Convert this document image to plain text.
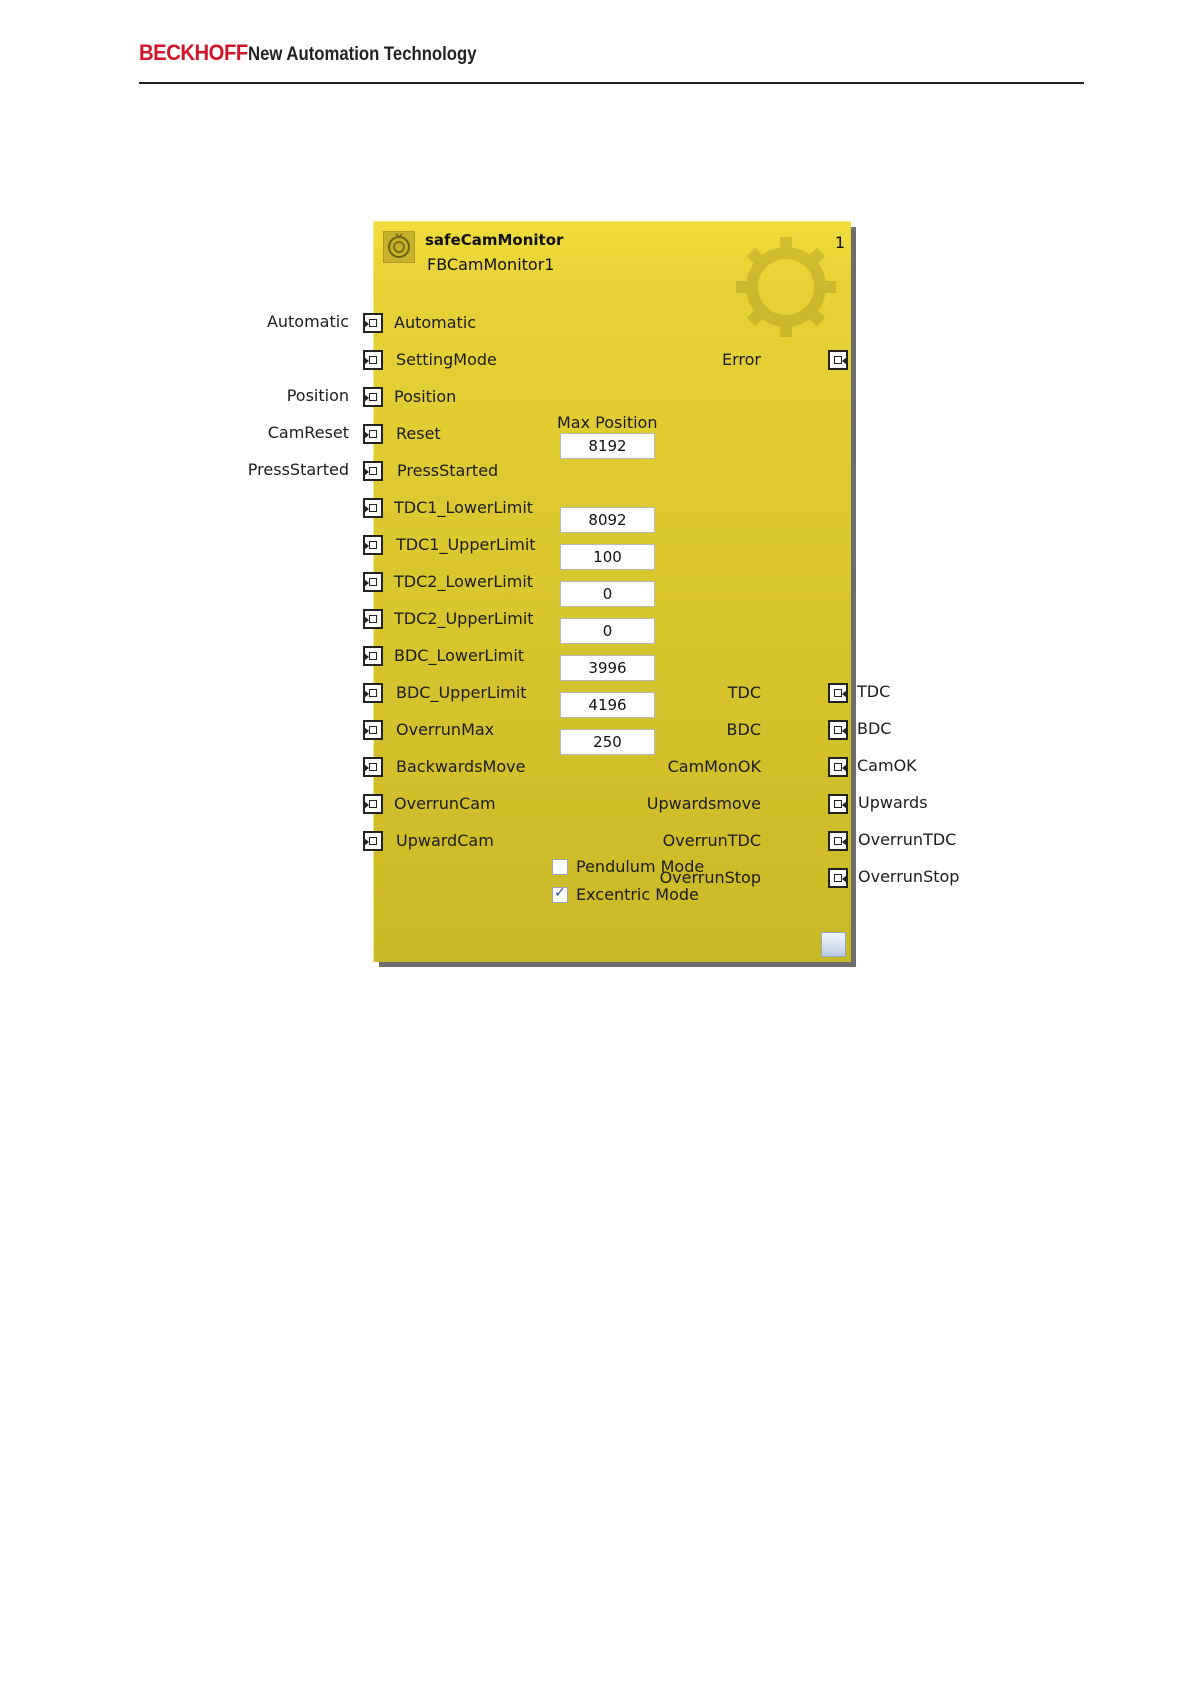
BECKHOFF New Automation Technology
safeCamMonitor
FBCamMonitor1
1
Automatic
SettingMode
Position
Reset
PressStarted
TDC1_LowerLimit
TDC1_UpperLimit
TDC2_LowerLimit
TDC2_UpperLimit
BDC_LowerLimit
BDC_UpperLimit
OverrunMax
BackwardsMove
OverrunCam
UpwardCam
Max Position
8192
8092
100
0
0
3996
4196
250
Error
TDC
BDC
CamMonOK
Upwardsmove
OverrunTDC
OverrunStop
Pendulum Mode
✓
Excentric Mode
Automatic
Position
CamReset
PressStarted
TDC
BDC
CamOK
Upwards
OverrunTDC
OverrunStop
